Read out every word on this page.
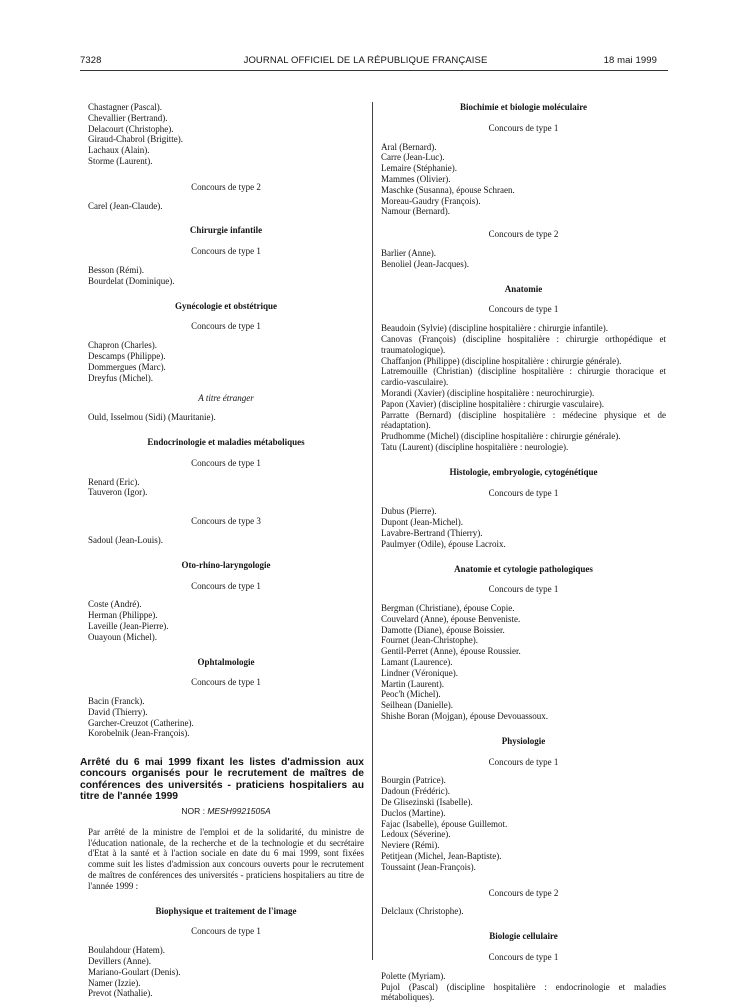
7328	JOURNAL OFFICIEL DE LA RÉPUBLIQUE FRANÇAISE	18 mai 1999

Chastagner (Pascal).

Chevallier (Bertrand).

Delacourt (Christophe).

Giraud-Chabrol (Brigitte).

Lachaux (Alain).

Storme (Laurent).

Concours de type 2

Carel (Jean-Claude).

Chirurgie infantile

Concours de type 1

Besson (Rémi).

Bourdelat (Dominique).

Gynécologie et obstétrique

Concours de type 1

Chapron (Charles).

Descamps (Philippe).

Dommergues (Marc).

Dreyfus (Michel).

A titre étranger

Ould, Isselmou (Sidi) (Mauritanie).

Endocrinologie et maladies métaboliques

Concours de type 1

Renard (Eric).

Tauveron (Igor).

Concours de type 3

Sadoul (Jean-Louis).

Oto-rhino-laryngologie

Concours de type 1

Coste (André).

Herman (Philippe).

Laveille (Jean-Pierre).

Ouayoun (Michel).

Ophtalmologie

Concours de type 1

Bacin (Franck).

David (Thierry).

Garcher-Creuzot (Catherine).

Korobelnik (Jean-François).

Arrêté du 6 mai 1999 fixant les listes d'admission aux concours organisés pour le recrutement de maîtres de conférences des universités - praticiens hospitaliers au titre de l'année 1999

NOR : MESH9921505A

Par arrêté de la ministre de l'emploi et de la solidarité, du ministre de l'éducation nationale, de la recherche et de la technologie et du secrétaire d'Etat à la santé et à l'action sociale en date du 6 mai 1999, sont fixées comme suit les listes d'admission aux concours ouverts pour le recrutement de maîtres de conférences des universités - praticiens hospitaliers au titre de l'année 1999 :

Biophysique et traitement de l'image

Concours de type 1

Boulahdour (Hatem).

Devillers (Anne).

Mariano-Goulart (Denis).

Namer (Izzie).

Prevot (Nathalie).

Biochimie et biologie moléculaire

Concours de type 1

Aral (Bernard).

Carre (Jean-Luc).

Lemaire (Stéphanie).

Mammes (Olivier).

Maschke (Susanna), épouse Schraen.

Moreau-Gaudry (François).

Namour (Bernard).

Concours de type 2

Barlier (Anne).

Benoliel (Jean-Jacques).

Anatomie

Concours de type 1

Beaudoin (Sylvie) (discipline hospitalière : chirurgie infantile).

Canovas (François) (discipline hospitalière : chirurgie orthopédique et traumatologique).

Chaffanjon (Philippe) (discipline hospitalière : chirurgie générale).

Latremouille (Christian) (discipline hospitalière : chirurgie thoracique et cardio-vasculaire).

Morandi (Xavier) (discipline hospitalière : neurochirurgie).

Papon (Xavier) (discipline hospitalière : chirurgie vasculaire).

Parratte (Bernard) (discipline hospitalière : médecine physique et de réadaptation).

Prudhomme (Michel) (discipline hospitalière : chirurgie générale).

Tatu (Laurent) (discipline hospitalière : neurologie).

Histologie, embryologie, cytogénétique

Concours de type 1

Dubus (Pierre).

Dupont (Jean-Michel).

Lavabre-Bertrand (Thierry).

Paulmyer (Odile), épouse Lacroix.

Anatomie et cytologie pathologiques

Concours de type 1

Bergman (Christiane), épouse Copie.

Couvelard (Anne), épouse Benveniste.

Damotte (Diane), épouse Boissier.

Fournet (Jean-Christophe).

Gentil-Perret (Anne), épouse Roussier.

Lamant (Laurence).

Lindner (Véronique).

Martin (Laurent).

Peoc'h (Michel).

Seilhean (Danielle).

Shishe Boran (Mojgan), épouse Devouassoux.

Physiologie

Concours de type 1

Bourgin (Patrice).

Dadoun (Frédéric).

De Glisezinski (Isabelle).

Duclos (Martine).

Fajac (Isabelle), épouse Guillemot.

Ledoux (Séverine).

Neviere (Rémi).

Petitjean (Michel, Jean-Baptiste).

Toussaint (Jean-François).

Concours de type 2

Delclaux (Christophe).

Biologie cellulaire

Concours de type 1

Polette (Myriam).

Pujol (Pascal) (discipline hospitalière : endocrinologie et maladies métaboliques).
